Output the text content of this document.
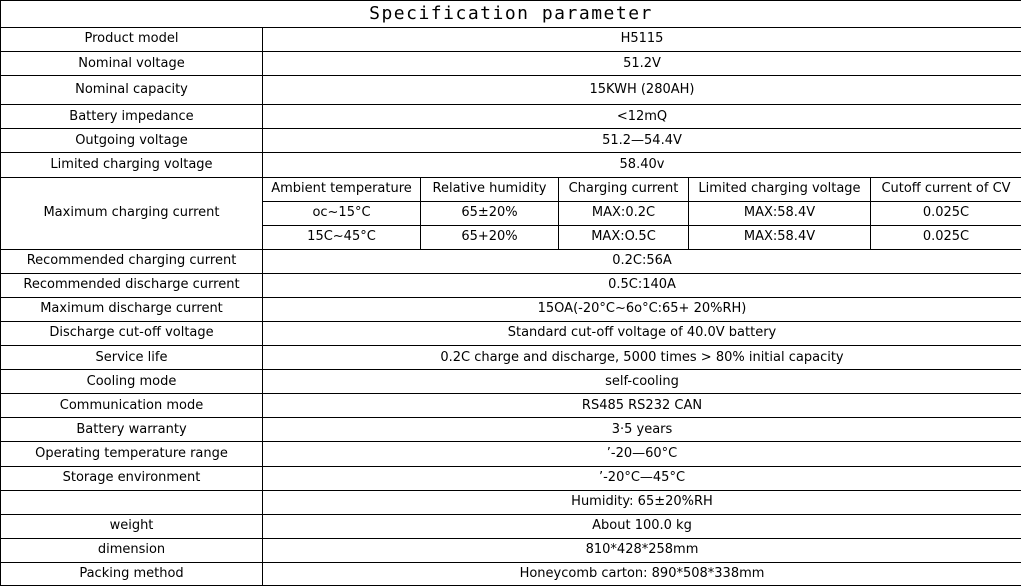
Specification parameter					
Product model	H5115				
Nominal voltage	51.2V				
Nominal capacity	15KWH (280AH)				
Battery impedance	<12mQ				
Outgoing voltage	51.2—54.4V				
Limited charging voltage	58.40v				
Maximum charging current	Ambient temperature	Relative humidity	Charging current	Limited charging voltage	Cutoff current of CV
	oc~15°C	65±20%	MAX:0.2C	MAX:58.4V	0.025C
	15C~45°C	65+20%	MAX:O.5C	MAX:58.4V	0.025C
Recommended charging current	0.2C:56A				
Recommended discharge current	0.5C:140A				
Maximum discharge current	15OA(-20°C~6o°C:65+ 20%RH)				
Discharge cut-off voltage	Standard cut-off voltage of 40.0V battery				
Service life	0.2C charge and discharge, 5000 times > 80% initial capacity				
Cooling mode	self-cooling				
Communication mode	RS485 RS232 CAN				
Battery warranty	3·5 years				
Operating temperature range	’-20—60°C				
Storage environment	’-20°C—45°C				
	Humidity: 65±20%RH				
weight	About 100.0 kg				
dimension	810*428*258mm				
Packing method	Honeycomb carton: 890*508*338mm				
